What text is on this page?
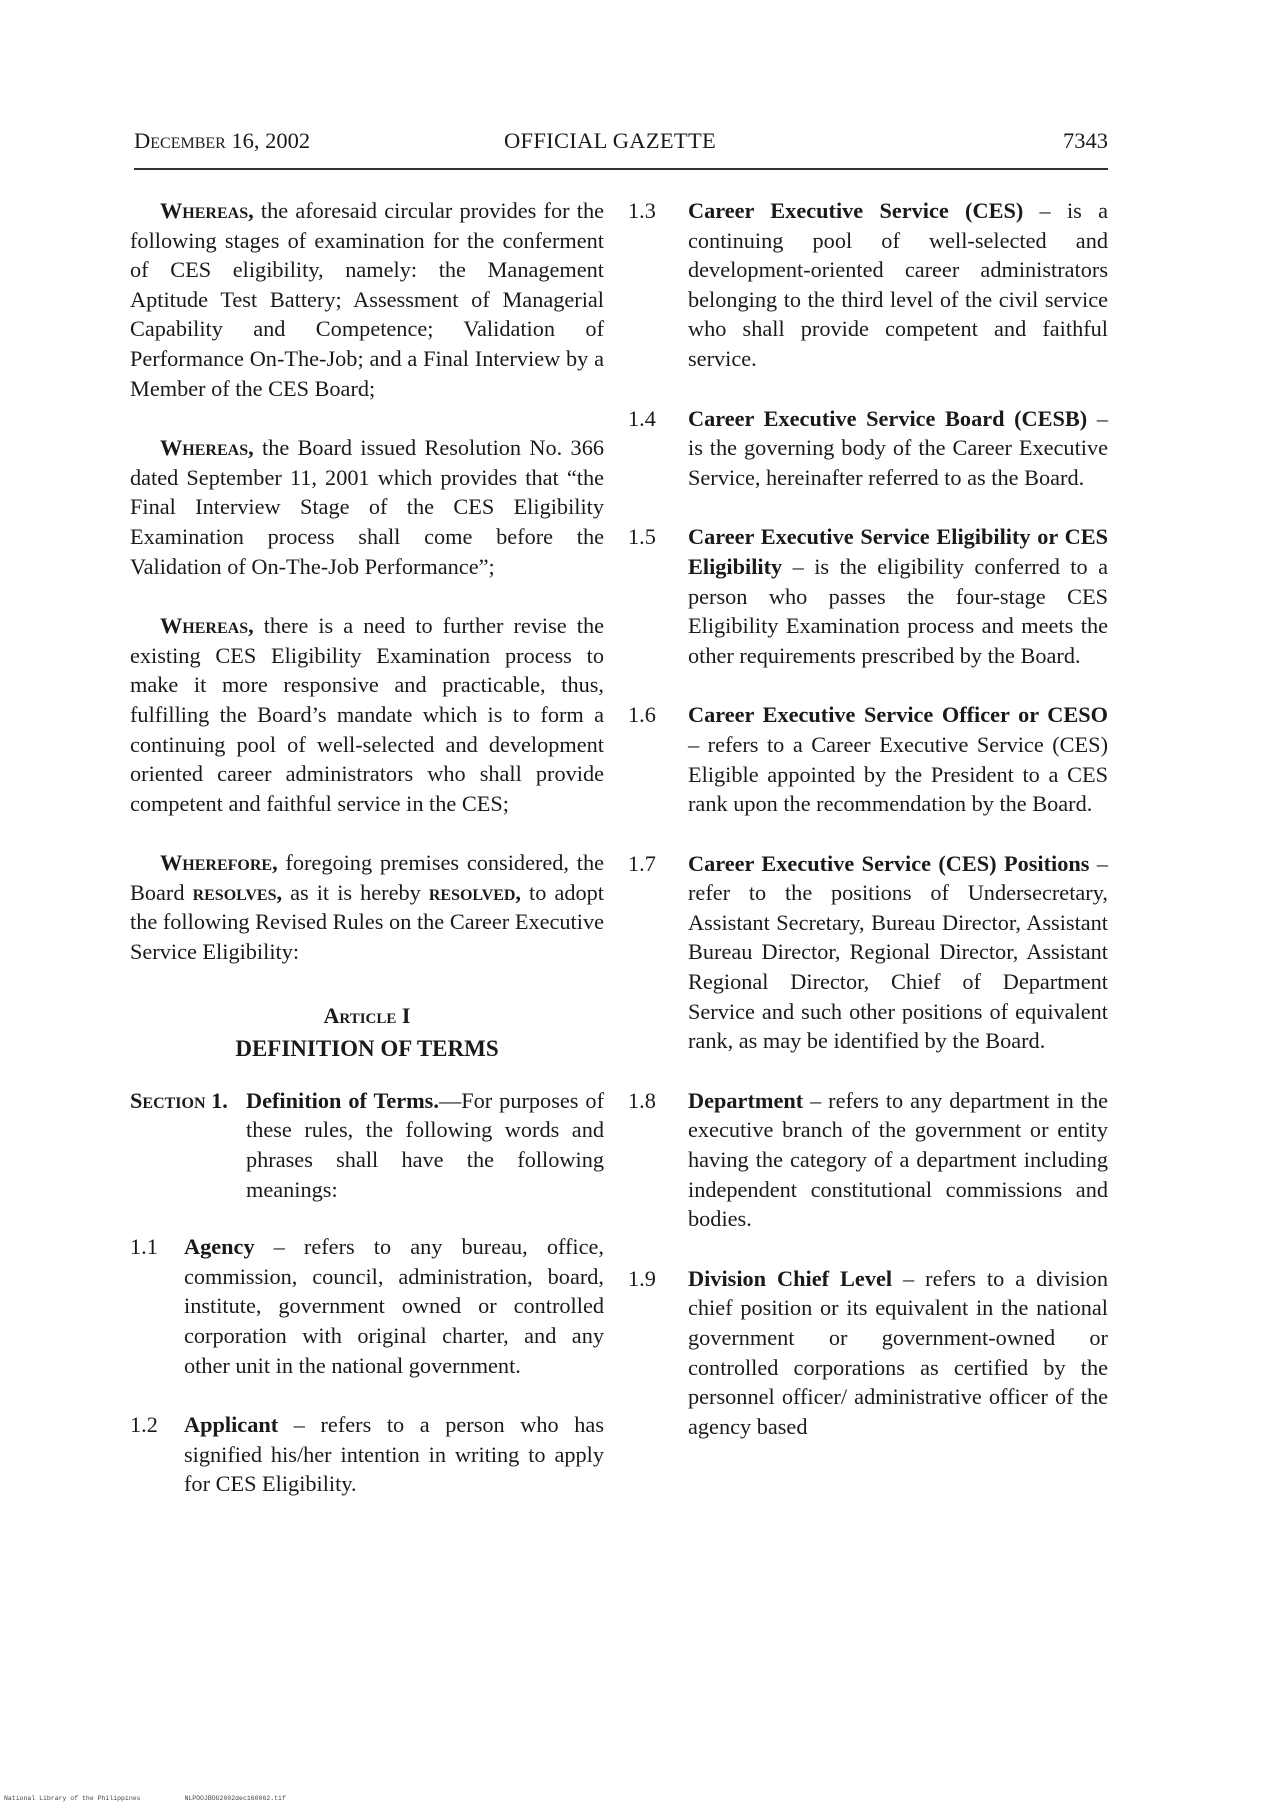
December 16, 2002	OFFICIAL GAZETTE	7343

Whereas, the aforesaid circular provides for the following stages of examination for the conferment of CES eligibility, namely: the Management Aptitude Test Battery; Assessment of Managerial Capability and Competence; Validation of Performance On-The-Job; and a Final Interview by a Member of the CES Board;

Whereas, the Board issued Resolution No. 366 dated September 11, 2001 which provides that “the Final Interview Stage of the CES Eligibility Examination process shall come before the Validation of On-The-Job Performance”;

Whereas, there is a need to further revise the existing CES Eligibility Examination process to make it more responsive and practicable, thus, fulfilling the Board’s mandate which is to form a continuing pool of well-selected and development oriented career administrators who shall provide competent and faithful service in the CES;

Wherefore, foregoing premises considered, the Board resolves, as it is hereby resolved, to adopt the following Revised Rules on the Career Executive Service Eligibility:

Article I
DEFINITION OF TERMS
Section 1. Definition of Terms.—For purposes of these rules, the following words and phrases shall have the following meanings:
1.1 Agency – refers to any bureau, office, commission, council, administration, board, institute, government owned or controlled corporation with original charter, and any other unit in the national government.
1.2 Applicant – refers to a person who has signified his/her intention in writing to apply for CES Eligibility.
1.3 Career Executive Service (CES) – is a continuing pool of well-selected and development-oriented career administrators belonging to the third level of the civil service who shall provide competent and faithful service.
1.4 Career Executive Service Board (CESB) – is the governing body of the Career Executive Service, hereinafter referred to as the Board.
1.5 Career Executive Service Eligibility or CES Eligibility – is the eligibility conferred to a person who passes the four-stage CES Eligibility Examination process and meets the other requirements prescribed by the Board.
1.6 Career Executive Service Officer or CESO – refers to a Career Executive Service (CES) Eligible appointed by the President to a CES rank upon the recommendation by the Board.
1.7 Career Executive Service (CES) Positions – refer to the positions of Undersecretary, Assistant Secretary, Bureau Director, Assistant Bureau Director, Regional Director, Assistant Regional Director, Chief of Department Service and such other positions of equivalent rank, as may be identified by the Board.
1.8 Department – refers to any department in the executive branch of the government or entity having the category of a department including independent constitutional commissions and bodies.
1.9 Division Chief Level – refers to a division chief position or its equivalent in the national government or government-owned or controlled corporations as certified by the personnel officer/ administrative officer of the agency based
National Library of the Philippines	NLPOOJBOG2002dec160062.tif
